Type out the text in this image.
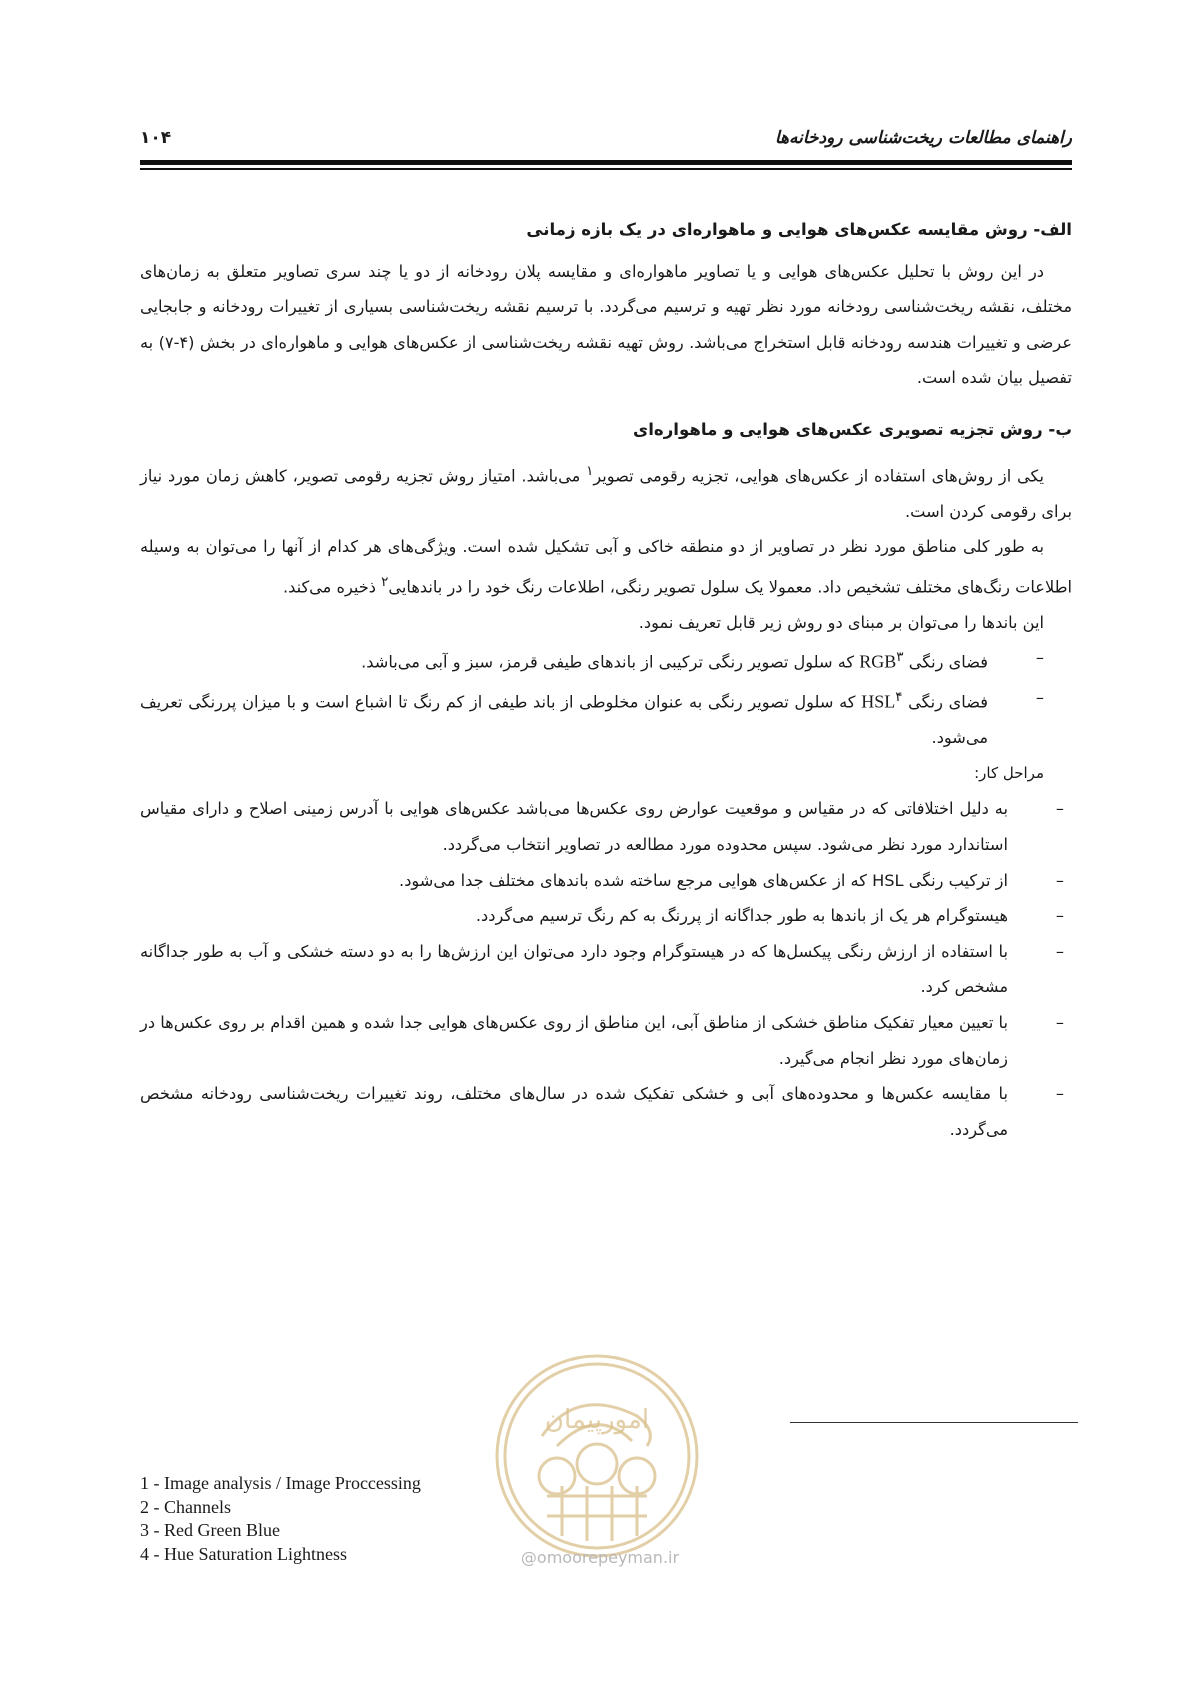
راهنمای مطالعات ریخت‌شناسی رودخانه‌ها
۱۰۴

الف- روش مقایسه عکس‌های هوایی و ماهواره‌ای در یک بازه زمانی

در این روش با تحلیل عکس‌های هوایی و یا تصاویر ماهواره‌ای و مقایسه پلان رودخانه از دو یا چند سری تصاویر متعلق به زمان‌های مختلف، نقشه ریخت‌شناسی رودخانه مورد نظر تهیه و ترسیم می‌گردد. با ترسیم نقشه ریخت‌شناسی بسیاری از تغییرات رودخانه و جابجایی عرضی و تغییرات هندسه رودخانه قابل استخراج می‌باشد. روش تهیه نقشه ریخت‌شناسی از عکس‌های هوایی و ماهواره‌ای در بخش (۴-۷) به تفصیل بیان شده است.

ب- روش تجزیه تصویری عکس‌های هوایی و ماهواره‌ای

یکی از روش‌های استفاده از عکس‌های هوایی، تجزیه رقومی تصویر$^۱$ می‌باشد. امتیاز روش تجزیه رقومی تصویر، کاهش زمان مورد نیاز برای رقومی کردن است.

به طور کلی مناطق مورد نظر در تصاویر از دو منطقه خاکی و آبی تشکیل شده است. ویژگی‌های هر کدام از آنها را می‌توان به وسیله اطلاعات رنگ‌های مختلف تشخیص داد. معمولا یک سلول تصویر رنگی، اطلاعات رنگ خود را در باندهایی$^۲$ ذخیره می‌کند.

این باندها را می‌توان بر مبنای دو روش زیر قابل تعریف نمود.

–
فضای رنگی RGB$^۳$ که سلول تصویر رنگی ترکیبی از باندهای طیفی قرمز، سبز و آبی می‌باشد.
–
فضای رنگی HSL$^۴$ که سلول تصویر رنگی به عنوان مخلوطی از باند طیفی از کم رنگ تا اشباع است و با میزان پررنگی تعریف می‌شود.

مراحل کار:

–
به دلیل اختلافاتی که در مقیاس و موقعیت عوارض روی عکس‌ها می‌باشد عکس‌های هوایی با آدرس زمینی اصلاح و دارای مقیاس استاندارد مورد نظر می‌شود. سپس محدوده مورد مطالعه در تصاویر انتخاب می‌گردد.
–
از ترکیب رنگی HSL که از عکس‌های هوایی مرجع ساخته شده باندهای مختلف جدا می‌شود.
–
هیستوگرام هر یک از باندها به طور جداگانه از پررنگ به کم رنگ ترسیم می‌گردد.
–
با استفاده از ارزش رنگی پیکسل‌ها که در هیستوگرام وجود دارد می‌توان این ارزش‌ها را به دو دسته خشکی و آب به طور جداگانه مشخص کرد.
–
با تعیین معیار تفکیک مناطق خشکی از مناطق آبی، این مناطق از روی عکس‌های هوایی جدا شده و همین اقدام بر روی عکس‌ها در زمان‌های مورد نظر انجام می‌گیرد.
–
با مقایسه عکس‌ها و محدوده‌های آبی و خشکی تفکیک شده در سال‌های مختلف، روند تغییرات ریخت‌شناسی رودخانه مشخص می‌گردد.
1 - Image analysis / Image Proccessing
2 - Channels
3 - Red Green Blue
4 - Hue Saturation Lightness
امورپیمان
@omoorepeyman.ir
